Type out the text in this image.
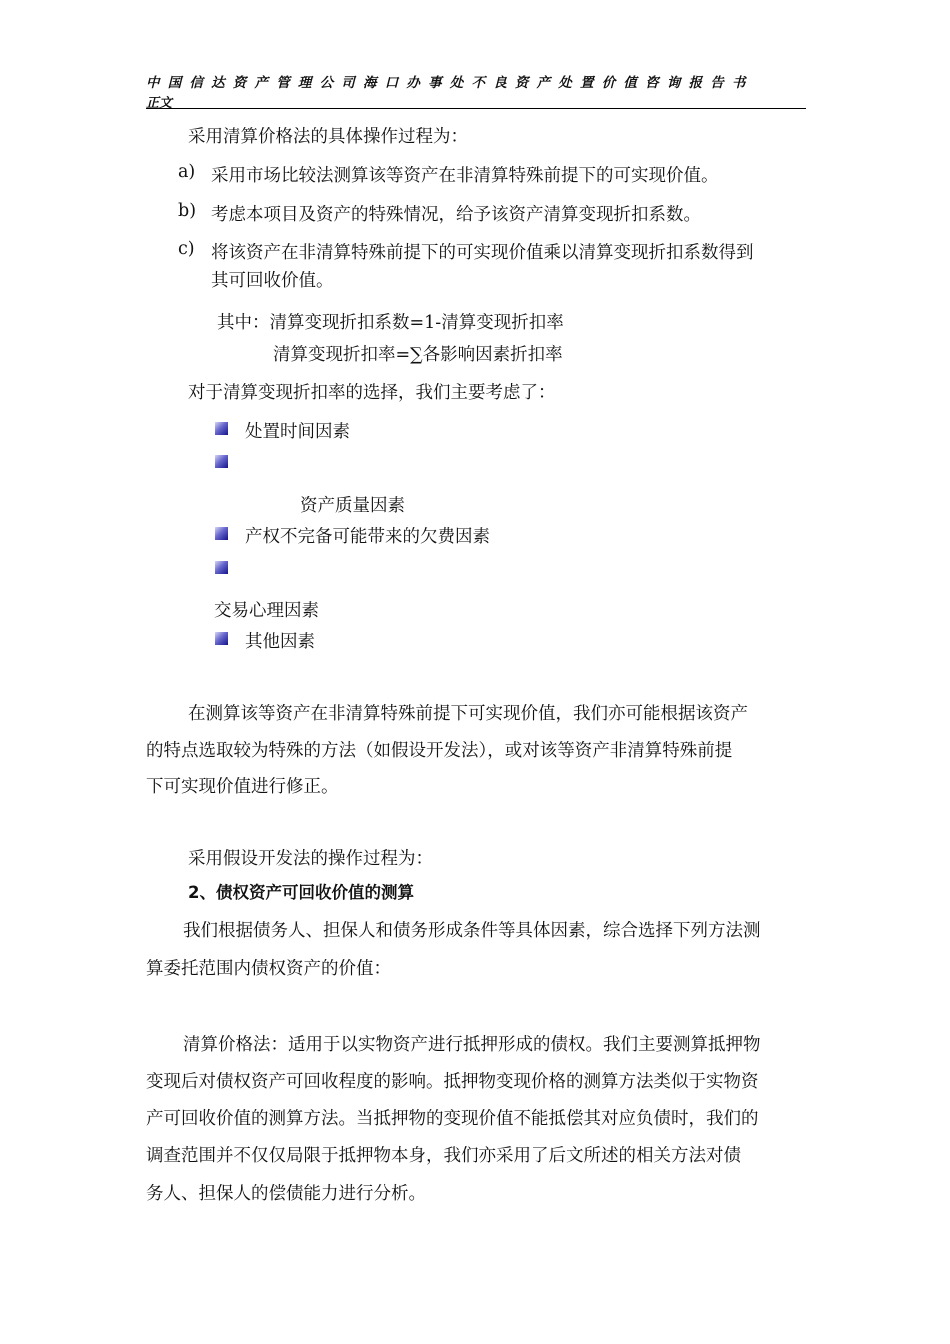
中国信达资产管理公司海口办事处不良资产处置价值咨询报告书
正文
采用清算价格法的具体操作过程为：
a) 采用市场比较法测算该等资产在非清算特殊前提下的可实现价值。
b) 考虑本项目及资产的特殊情况，给予该资产清算变现折扣系数。
c) 将该资产在非清算特殊前提下的可实现价值乘以清算变现折扣系数得到
其可回收价值。
其中：清算变现折扣系数=1-清算变现折扣率
清算变现折扣率=∑各影响因素折扣率
对于清算变现折扣率的选择，我们主要考虑了：
处置时间因素
资产质量因素
产权不完备可能带来的欠费因素
交易心理因素
其他因素
在测算该等资产在非清算特殊前提下可实现价值，我们亦可能根据该资产
的特点选取较为特殊的方法（如假设开发法），或对该等资产非清算特殊前提
下可实现价值进行修正。
采用假设开发法的操作过程为：
2、债权资产可回收价值的测算
我们根据债务人、担保人和债务形成条件等具体因素，综合选择下列方法测
算委托范围内债权资产的价值：
清算价格法：适用于以实物资产进行抵押形成的债权。我们主要测算抵押物
变现后对债权资产可回收程度的影响。抵押物变现价格的测算方法类似于实物资
产可回收价值的测算方法。当抵押物的变现价值不能抵偿其对应负债时，我们的
调查范围并不仅仅局限于抵押物本身，我们亦采用了后文所述的相关方法对债
务人、担保人的偿债能力进行分析。
